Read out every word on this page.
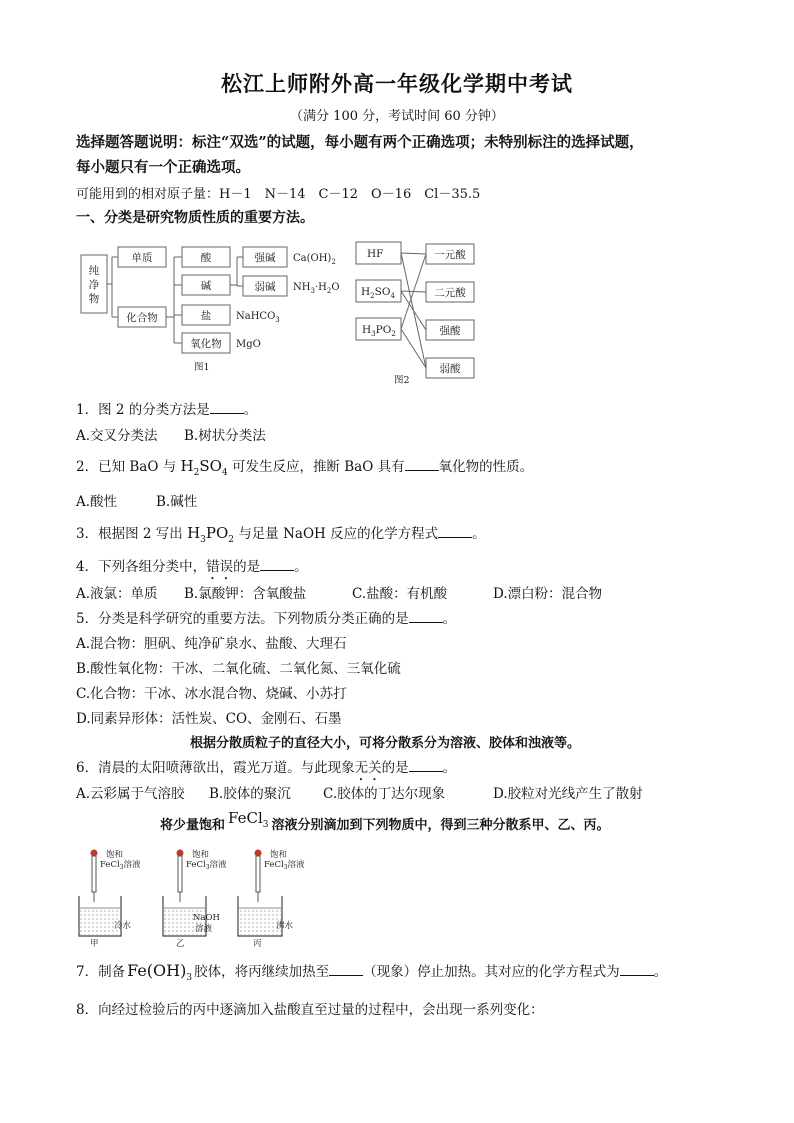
松江上师附外高一年级化学期中考试
（满分 100 分，考试时间 60 分钟）
选择题答题说明：标注“双选”的试题，每小题有两个正确选项；未特别标注的选择试题，
每小题只有一个正确选项。
可能用到的相对原子量：H－1　N－14　C－12　O－16　Cl－35.5
一、分类是研究物质性质的重要方法。
纯
净
物
单质
化合物
酸
碱
盐
氧化物
强碱
弱碱
$Ca(OH)_2$
$NH_3\cdot H_2O$
NaHCO$_3$
MgO
图1
HF
$H_2SO_4$
$H_3PO_2$
一元酸
二元酸
强酸
弱酸
图2
1．图 2 的分类方法是	。
A.交叉分类法 B.树状分类法
2．已知 BaO 与 $H_2SO_4$ 可发生反应，推断 BaO 具有	氧化物的性质。
A.酸性	B.碱性
3．根据图 2 写出 $H_3PO_2$ 与足量 NaOH 反应的化学方程式	。
4．下列各组分类中，错误的是	。
A.液氯：单质 B.氯酸钾：含氧酸盐	C.盐酸：有机酸	D.漂白粉：混合物
5．分类是科学研究的重要方法。下列物质分类正确的是	。
A.混合物：胆矾、纯净矿泉水、盐酸、大理石
B.酸性氧化物：干冰、二氧化硫、二氧化氮、三氧化硫
C.化合物：干冰、冰水混合物、烧碱、小苏打
D.同素异形体：活性炭、CO、金刚石、石墨
根据分散质粒子的直径大小，可将分散系分为溶液、胶体和浊液等。
6．清晨的太阳喷薄欲出，霞光万道。与此现象无关的是	。
A.云彩属于气溶胶 B.胶体的聚沉 C.胶体的丁达尔现象	D.胶粒对光线产生了散射
将少量饱和 FeCl$_3$ 溶液分别滴加到下列物质中，得到三种分散系甲、乙、丙。
饱和
FeCl$_3$溶液
饱和
FeCl$_3$溶液
饱和
FeCl$_3$溶液
冷水
NaOH
溶液	沸水
甲	乙	丙
7．制备 $Fe(OH)_3$ 胶体，将丙继续加热至	（现象）停止加热。其对应的化学方程式为	。
8．向经过检验后的丙中逐滴加入盐酸直至过量的过程中，会出现一系列变化：
